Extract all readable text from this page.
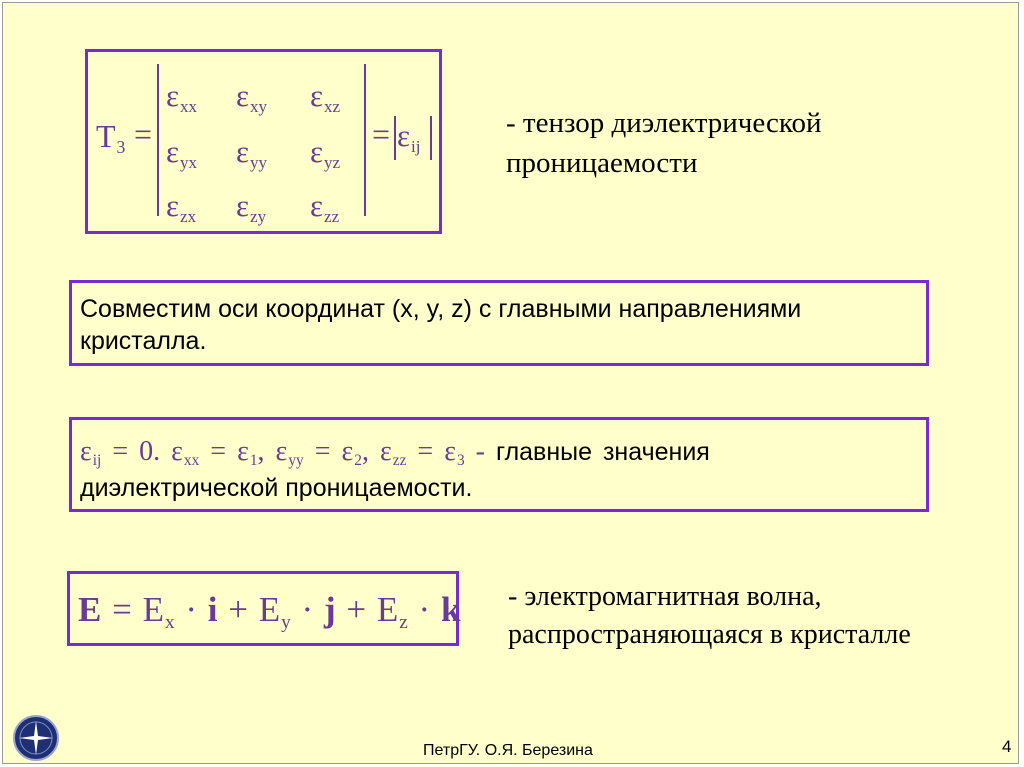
T3 =
εxx εxy εxz
εyx εyy εyz
εzx εzy εzz
= εij
- тензор диэлектрической
проницаемости
Совместим оси координат (x, y, z) с главными направлениями
кристалла.
εij = 0. εxx = ε1, εyy = ε2, εzz = ε3 - главные значения
диэлектрической проницаемости.
E = Ex · i + Ey · j + Ez · k - электромагнитная волна,
распространяющаяся в кристалле
ПетрГУ. О.Я. Березина	4
